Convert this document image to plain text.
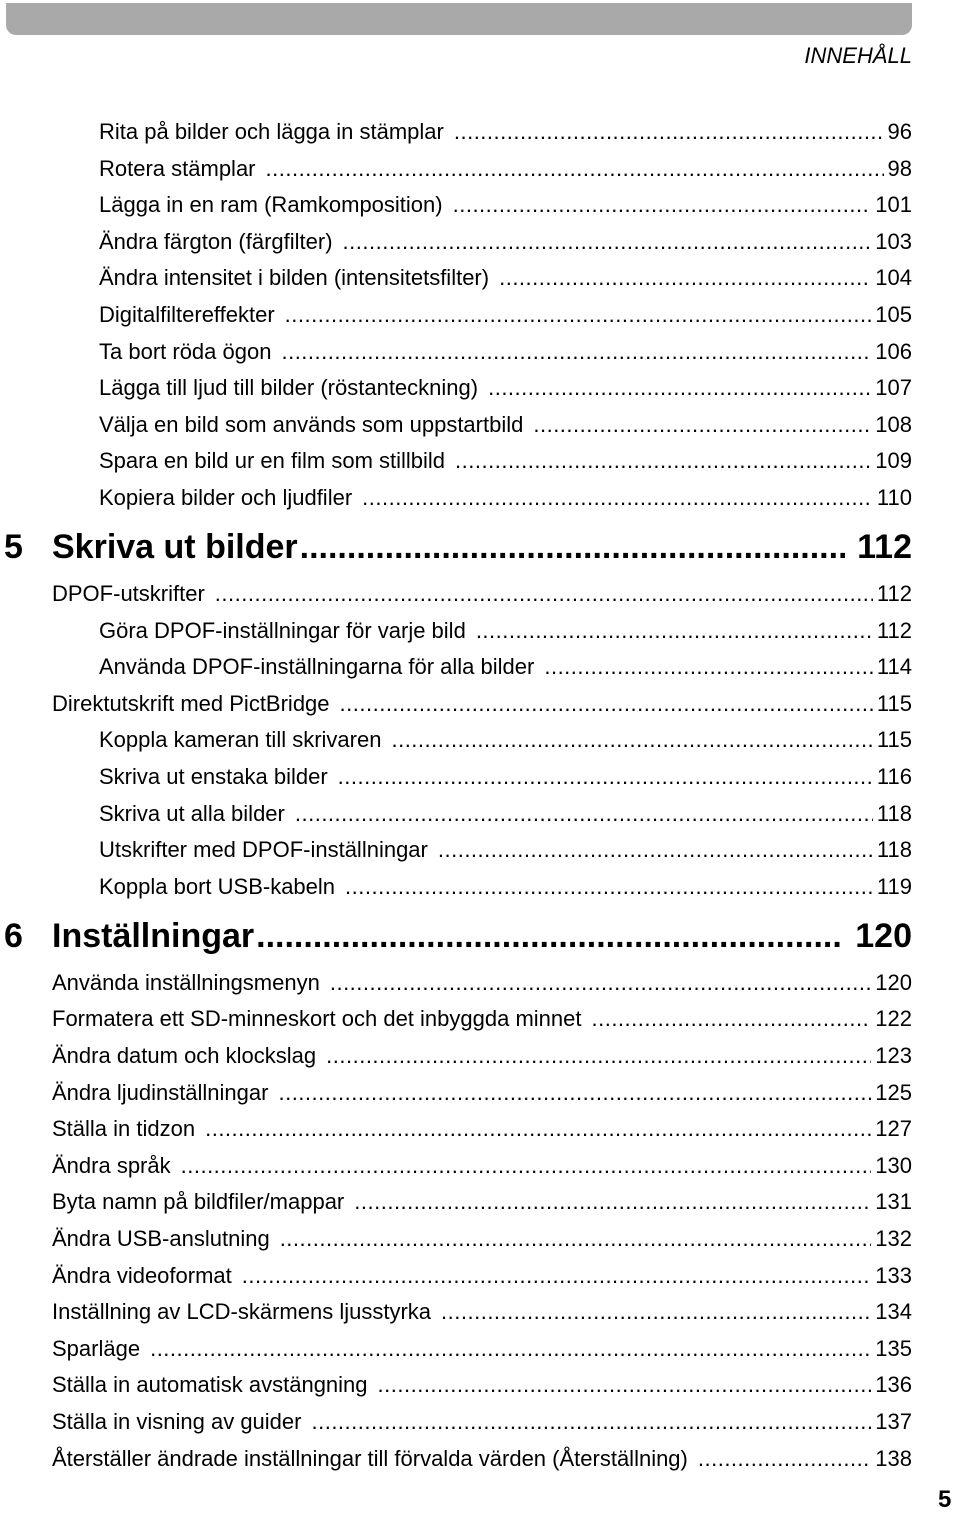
INNEHÅLL
Rita på bilder och lägga in stämplar .....	96
Rotera stämplar .....	98
Lägga in en ram (Ramkomposition) .....	101
Ändra färgton (färgfilter) .....	103
Ändra intensitet i bilden (intensitetsfilter) .....	104
Digitalfiltereffekter .....	105
Ta bort röda ögon .....	106
Lägga till ljud till bilder (röstanteckning) .....	107
Välja en bild som används som uppstartbild .....	108
Spara en bild ur en film som stillbild .....	109
Kopiera bilder och ljudfiler .....	110
5 Skriva ut bilder .....	112
DPOF-utskrifter .....	112
Göra DPOF-inställningar för varje bild .....	112
Använda DPOF-inställningarna för alla bilder .....	114
Direktutskrift med PictBridge .....	115
Koppla kameran till skrivaren .....	115
Skriva ut enstaka bilder .....	116
Skriva ut alla bilder .....	118
Utskrifter med DPOF-inställningar .....	118
Koppla bort USB-kabeln .....	119
6 Inställningar .....	120
Använda inställningsmenyn .....	120
Formatera ett SD-minneskort och det inbyggda minnet .....	122
Ändra datum och klockslag .....	123
Ändra ljudinställningar .....	125
Ställa in tidzon .....	127
Ändra språk .....	130
Byta namn på bildfiler/mappar .....	131
Ändra USB-anslutning .....	132
Ändra videoformat .....	133
Inställning av LCD-skärmens ljusstyrka .....	134
Sparläge .....	135
Ställa in automatisk avstängning .....	136
Ställa in visning av guider .....	137
Återställer ändrade inställningar till förvalda värden (Återställning) .....	138
5
